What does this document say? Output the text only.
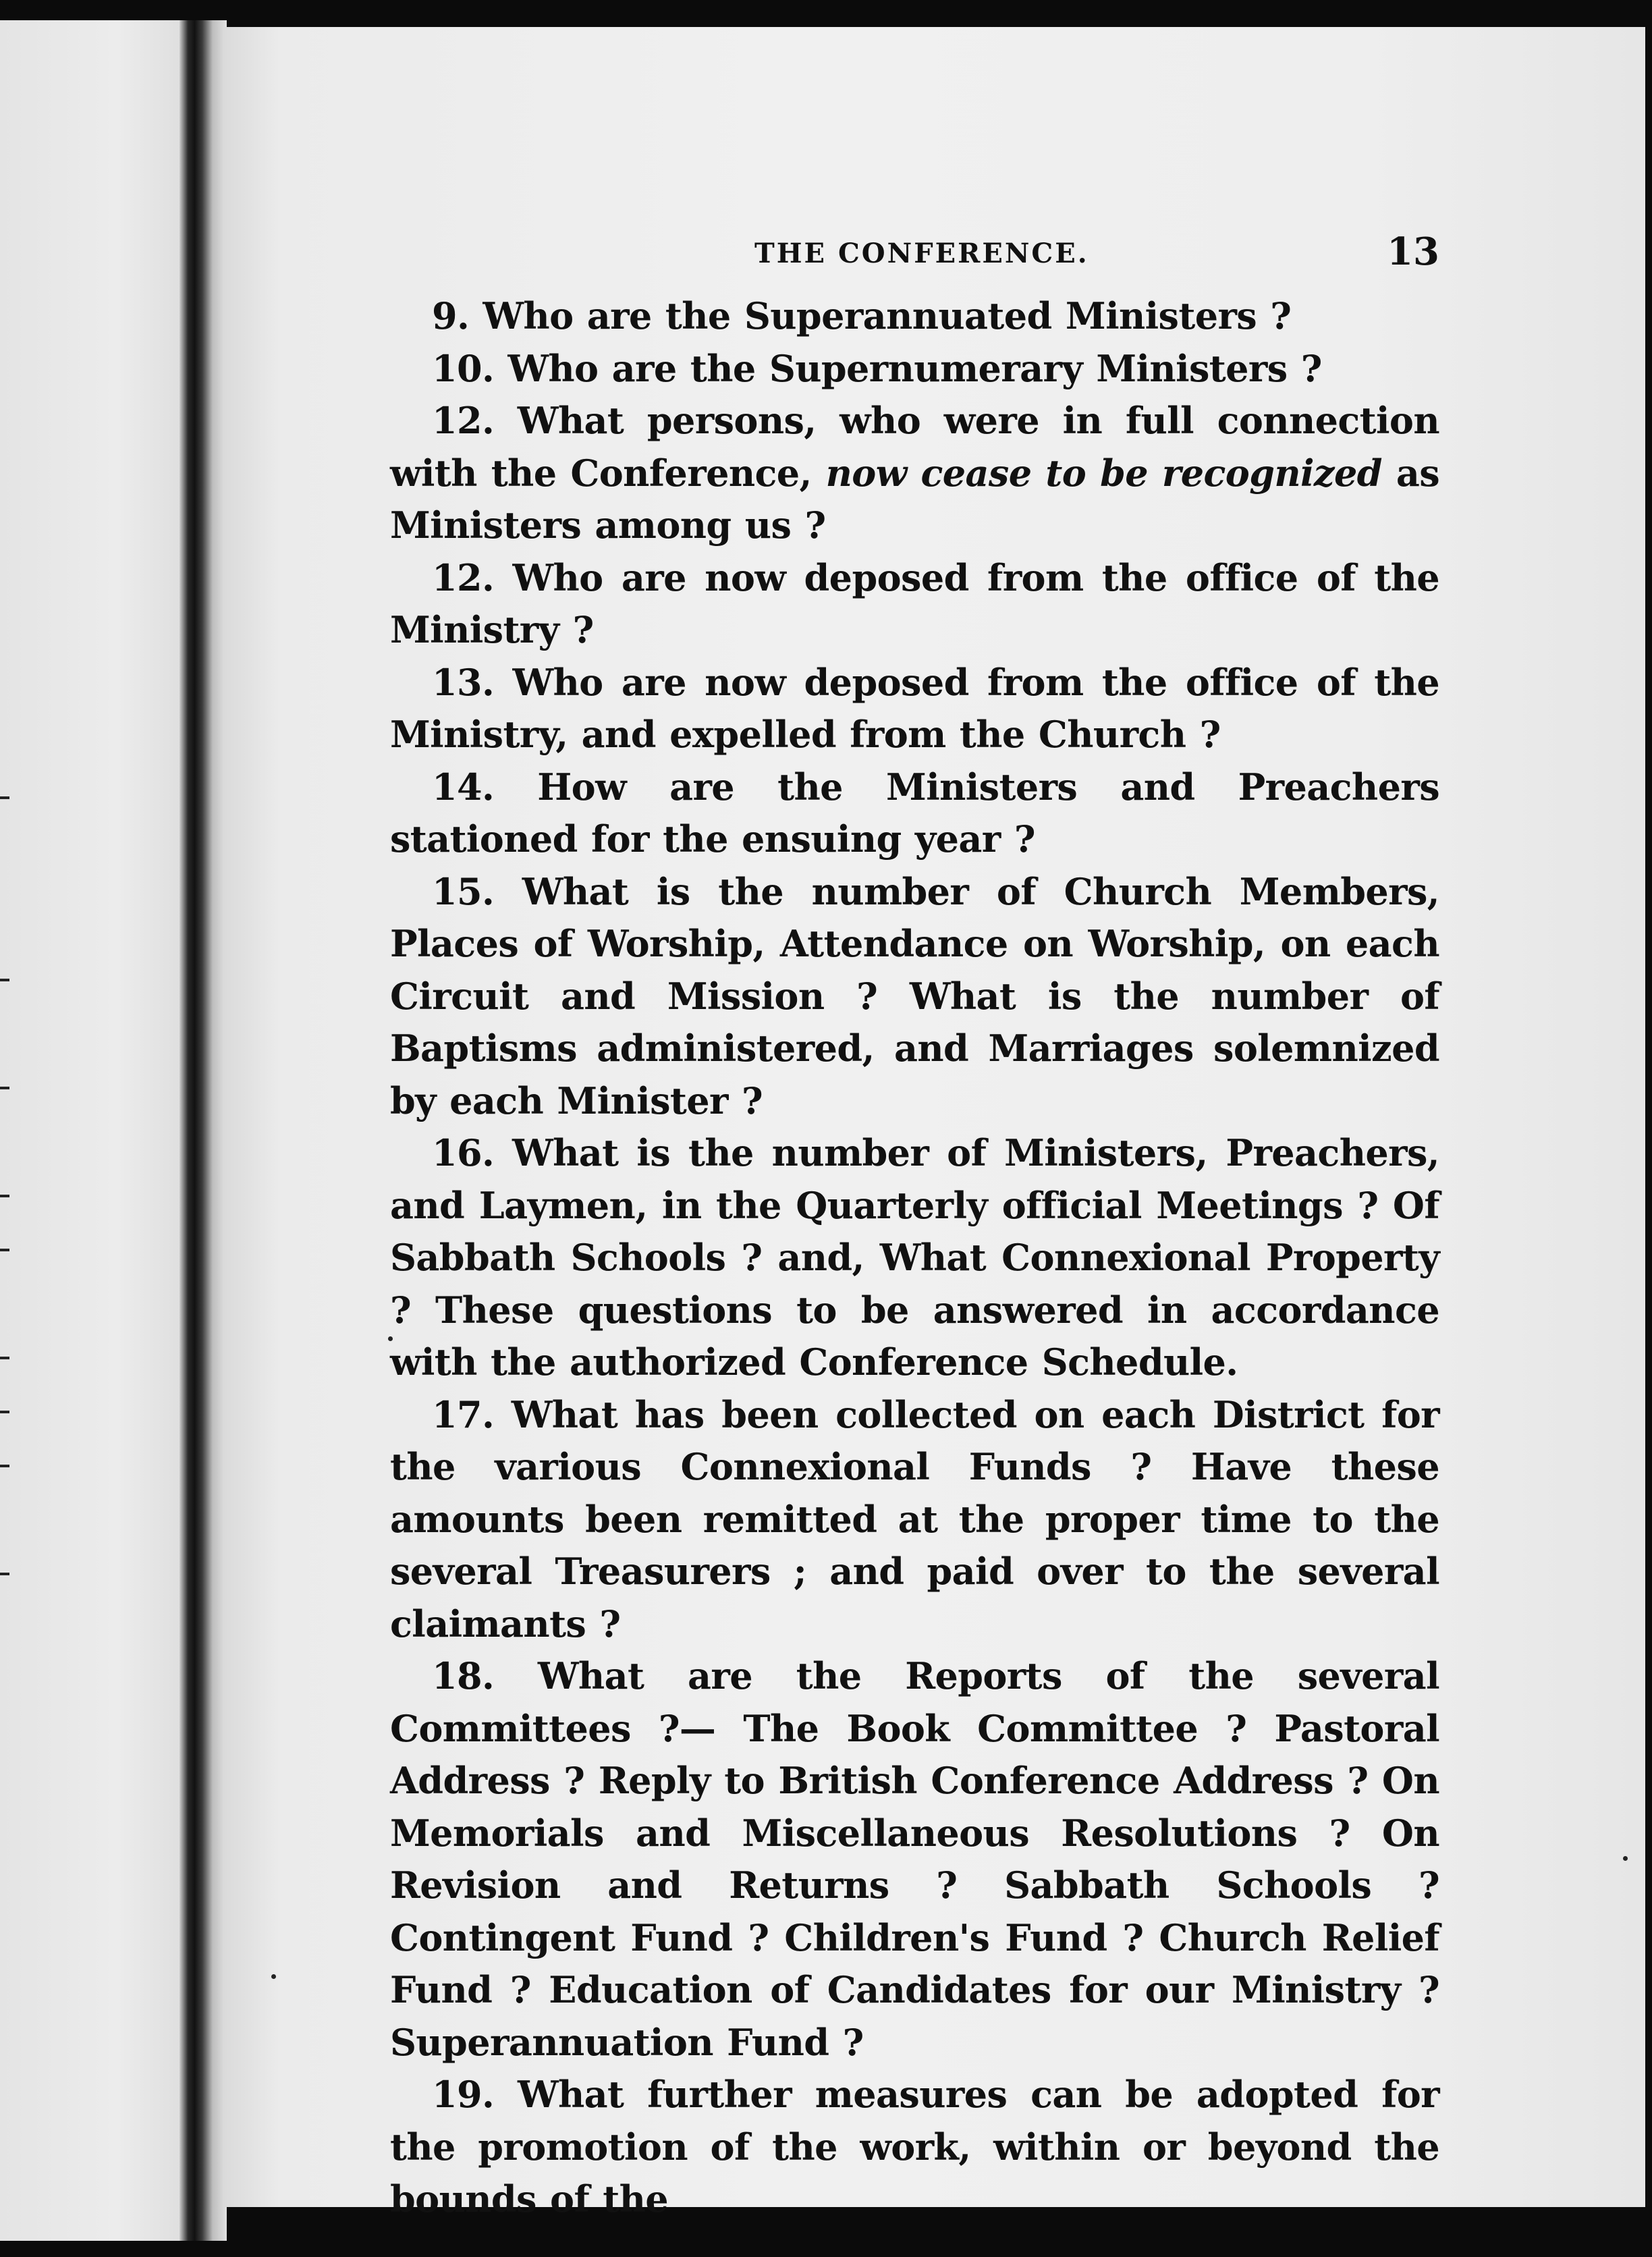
THE CONFERENCE.	13

9. Who are the Superannuated Ministers ?

10. Who are the Supernumerary Ministers ?

12. What persons, who were in full connection with the Conference, now cease to be recognized as Ministers among us ?

12. Who are now deposed from the office of the Ministry ?

13. Who are now deposed from the office of the Ministry, and expelled from the Church ?

14. How are the Ministers and Preachers stationed for the ensuing year ?

15. What is the number of Church Members, Places of Worship, Attendance on Worship, on each Circuit and Mission ? What is the number of Baptisms administered, and Marriages solemnized by each Minister ?

16. What is the number of Ministers, Preachers, and Laymen, in the Quarterly official Meetings ? Of Sabbath Schools ? and, What Connexional Property ? These questions to be answered in accordance with the authorized Conference Schedule.

17. What has been collected on each District for the various Connexional Funds ? Have these amounts been remitted at the proper time to the several Treasurers ; and paid over to the several claimants ?

18. What are the Reports of the several Committees ?— The Book Committee ? Pastoral Address ? Reply to British Conference Address ? On Memorials and Miscellaneous Resolutions ? On Revision and Returns ? Sabbath Schools ? Contingent Fund ? Children's Fund ? Church Relief Fund ? Education of Candidates for our Ministry ? Superannuation Fund ?

19. What further measures can be adopted for the promotion of the work, within or beyond the bounds of the
